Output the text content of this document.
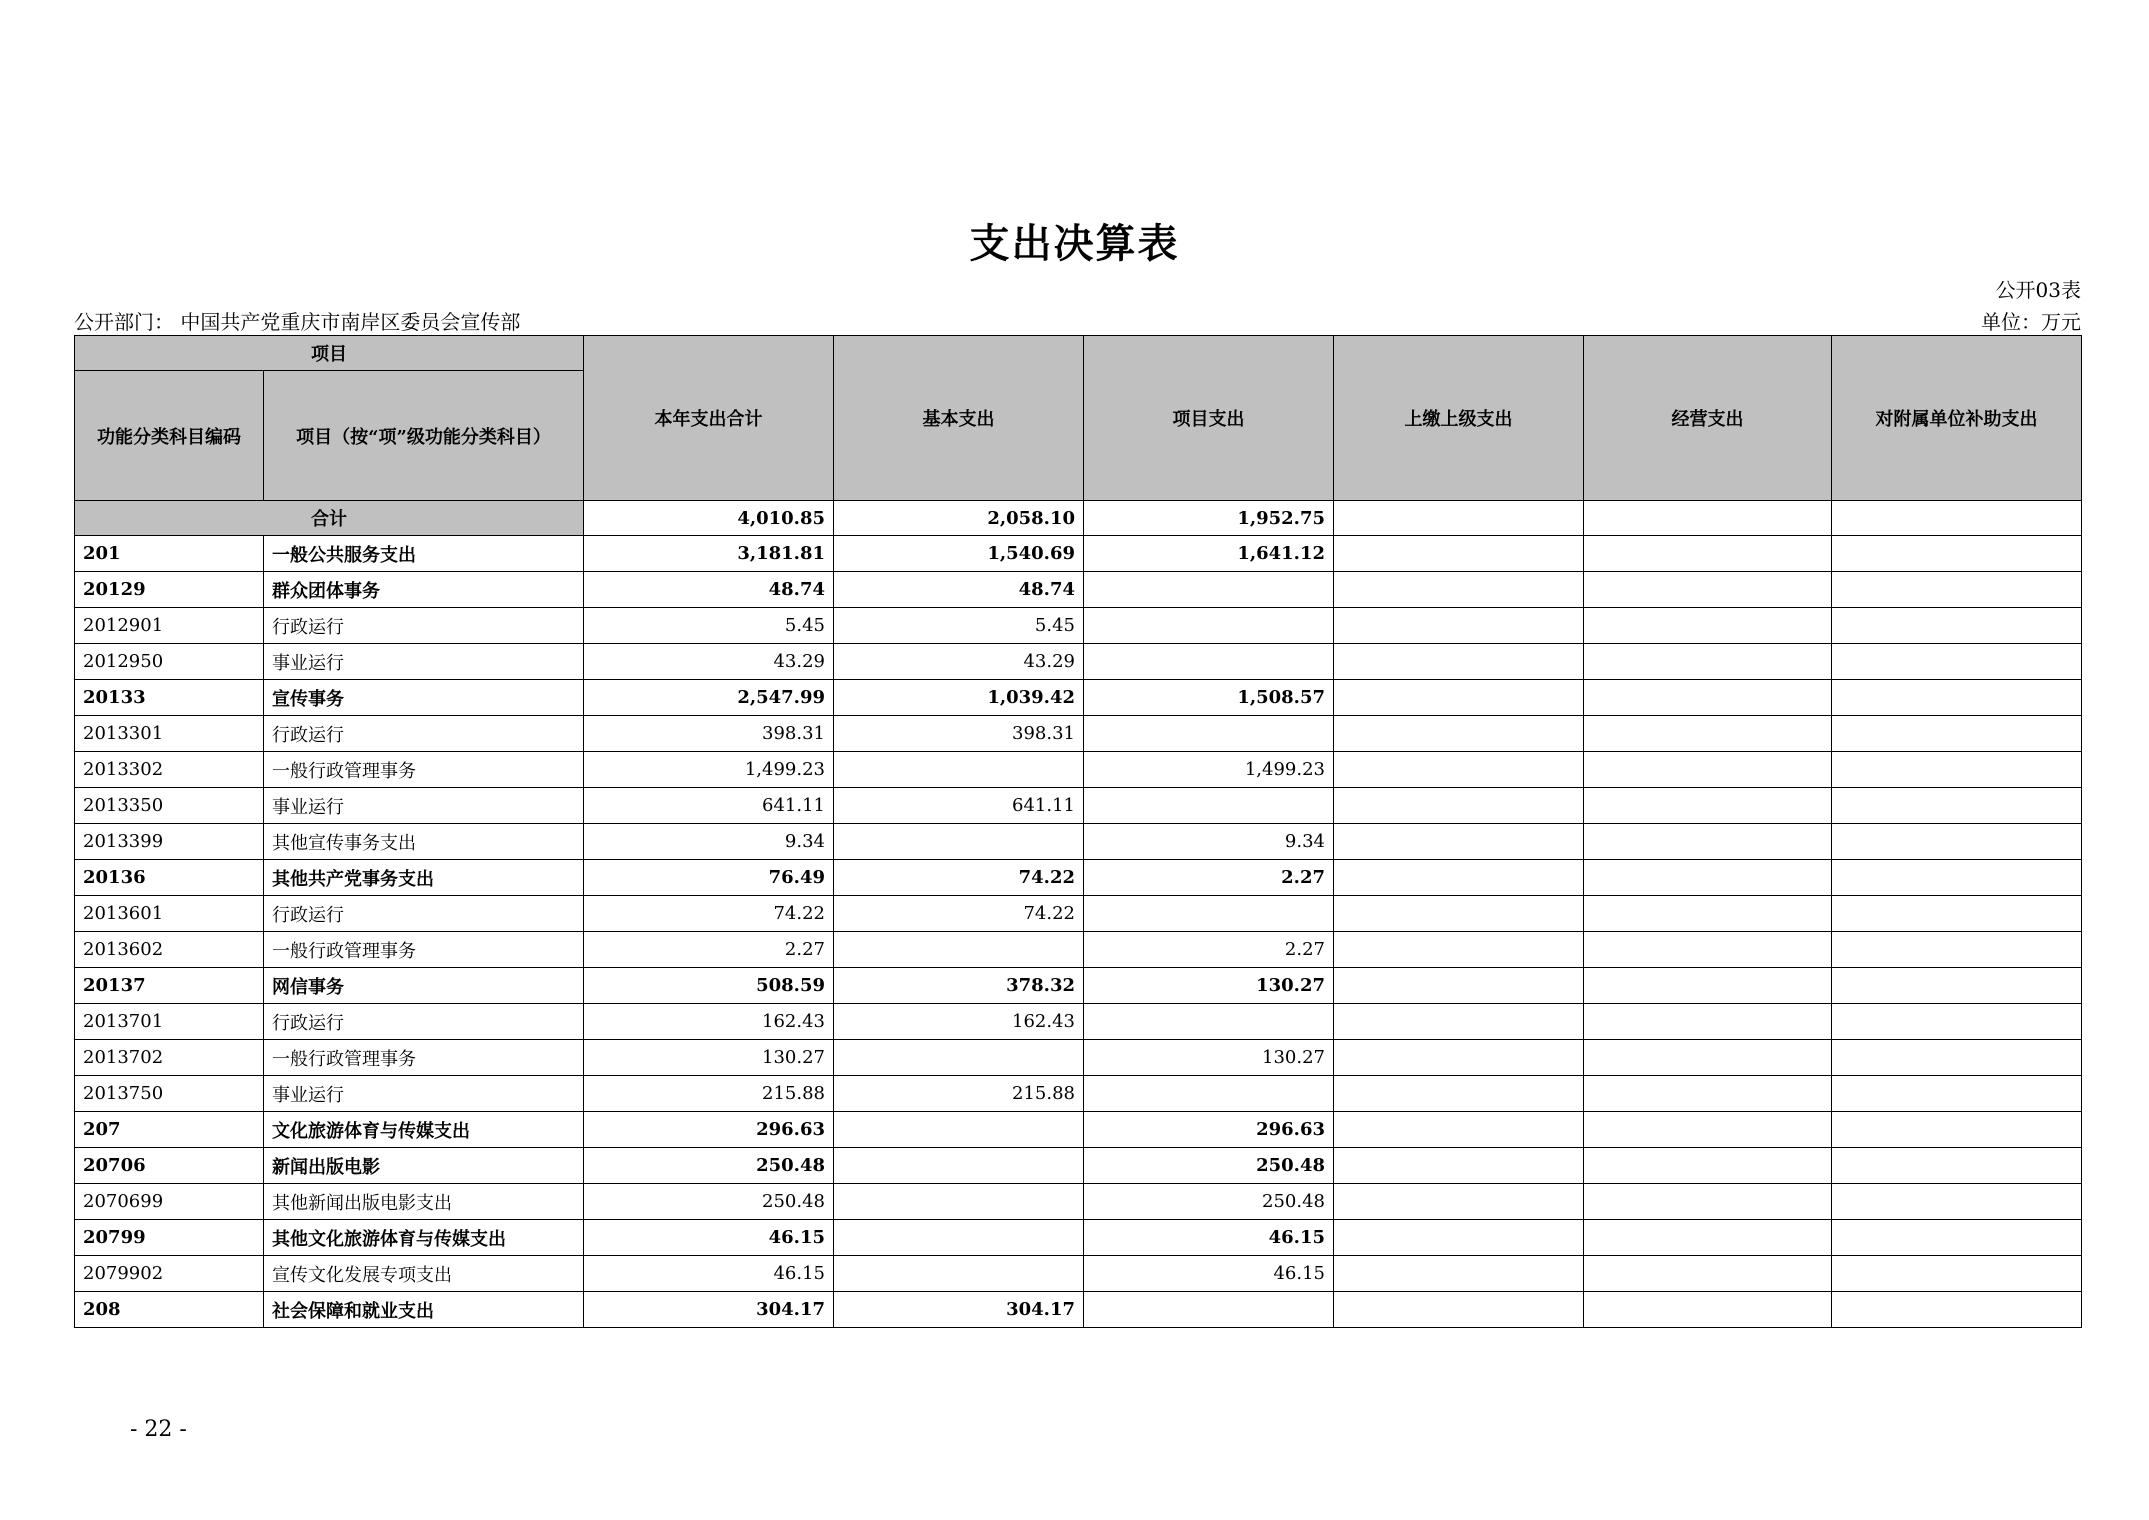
支出决算表
公开03表
公开部门： 中国共产党重庆市南岸区委员会宣传部	单位：万元
项目		本年支出合计	基本支出	项目支出	上缴上级支出	经营支出	对附属单位补助支出
功能分类科目编码	项目（按“项”级功能分类科目）						
合计		4,010.85	2,058.10	1,952.75			
201	一般公共服务支出	3,181.81	1,540.69	1,641.12			
20129	群众团体事务	48.74	48.74				
2012901	行政运行	5.45	5.45				
2012950	事业运行	43.29	43.29				
20133	宣传事务	2,547.99	1,039.42	1,508.57			
2013301	行政运行	398.31	398.31				
2013302	一般行政管理事务	1,499.23		1,499.23			
2013350	事业运行	641.11	641.11				
2013399	其他宣传事务支出	9.34		9.34			
20136	其他共产党事务支出	76.49	74.22	2.27			
2013601	行政运行	74.22	74.22				
2013602	一般行政管理事务	2.27		2.27			
20137	网信事务	508.59	378.32	130.27			
2013701	行政运行	162.43	162.43				
2013702	一般行政管理事务	130.27		130.27			
2013750	事业运行	215.88	215.88				
207	文化旅游体育与传媒支出	296.63		296.63			
20706	新闻出版电影	250.48		250.48			
2070699	其他新闻出版电影支出	250.48		250.48			
20799	其他文化旅游体育与传媒支出	46.15		46.15			
2079902	宣传文化发展专项支出	46.15		46.15			
208	社会保障和就业支出	304.17	304.17				
- 22 -
